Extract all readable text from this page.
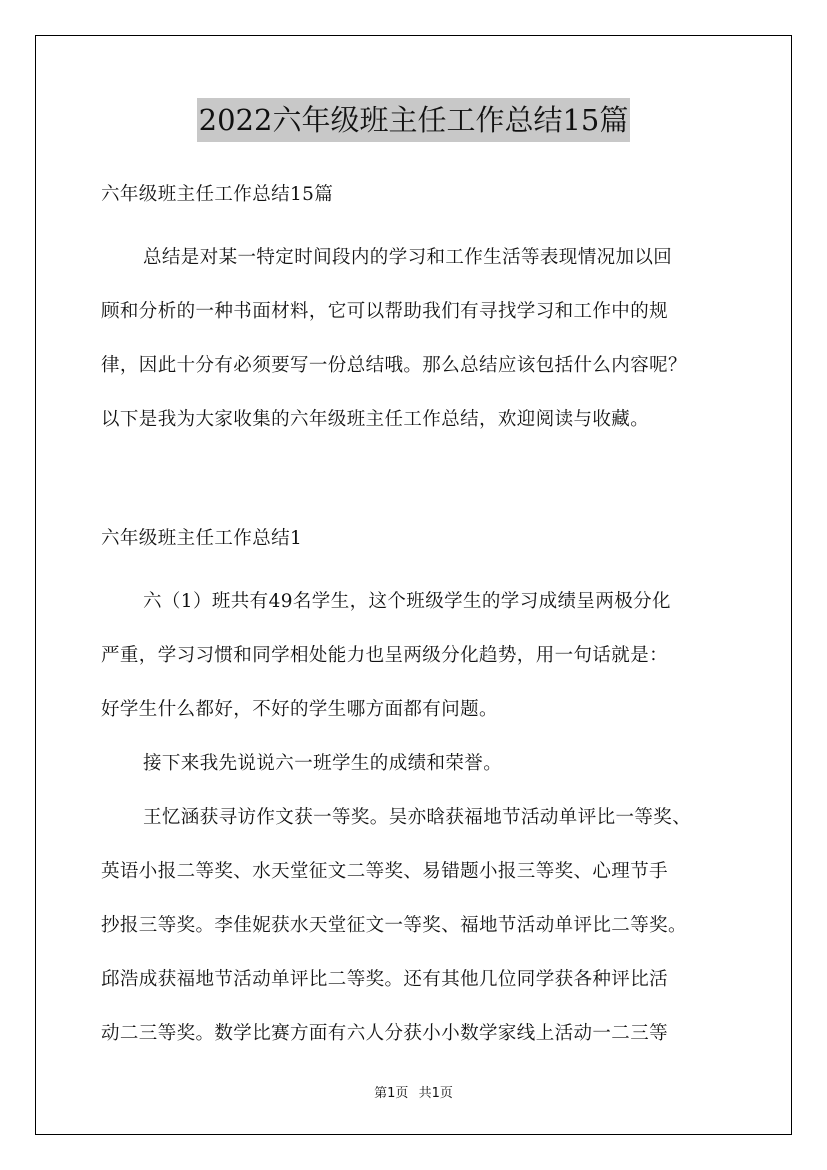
2022六年级班主任工作总结15篇
六年级班主任工作总结15篇
总结是对某一特定时间段内的学习和工作生活等表现情况加以回
顾和分析的一种书面材料，它可以帮助我们有寻找学习和工作中的规
律，因此十分有必须要写一份总结哦。那么总结应该包括什么内容呢？
以下是我为大家收集的六年级班主任工作总结，欢迎阅读与收藏。
六年级班主任工作总结1
六（1）班共有49名学生，这个班级学生的学习成绩呈两极分化
严重，学习习惯和同学相处能力也呈两级分化趋势，用一句话就是：
好学生什么都好，不好的学生哪方面都有问题。
接下来我先说说六一班学生的成绩和荣誉。
王忆涵获寻访作文获一等奖。吴亦晗获福地节活动单评比一等奖、
英语小报二等奖、水天堂征文二等奖、易错题小报三等奖、心理节手
抄报三等奖。李佳妮获水天堂征文一等奖、福地节活动单评比二等奖。
邱浩成获福地节活动单评比二等奖。还有其他几位同学获各种评比活
动二三等奖。数学比赛方面有六人分获小小数学家线上活动一二三等
第1页 共1页
